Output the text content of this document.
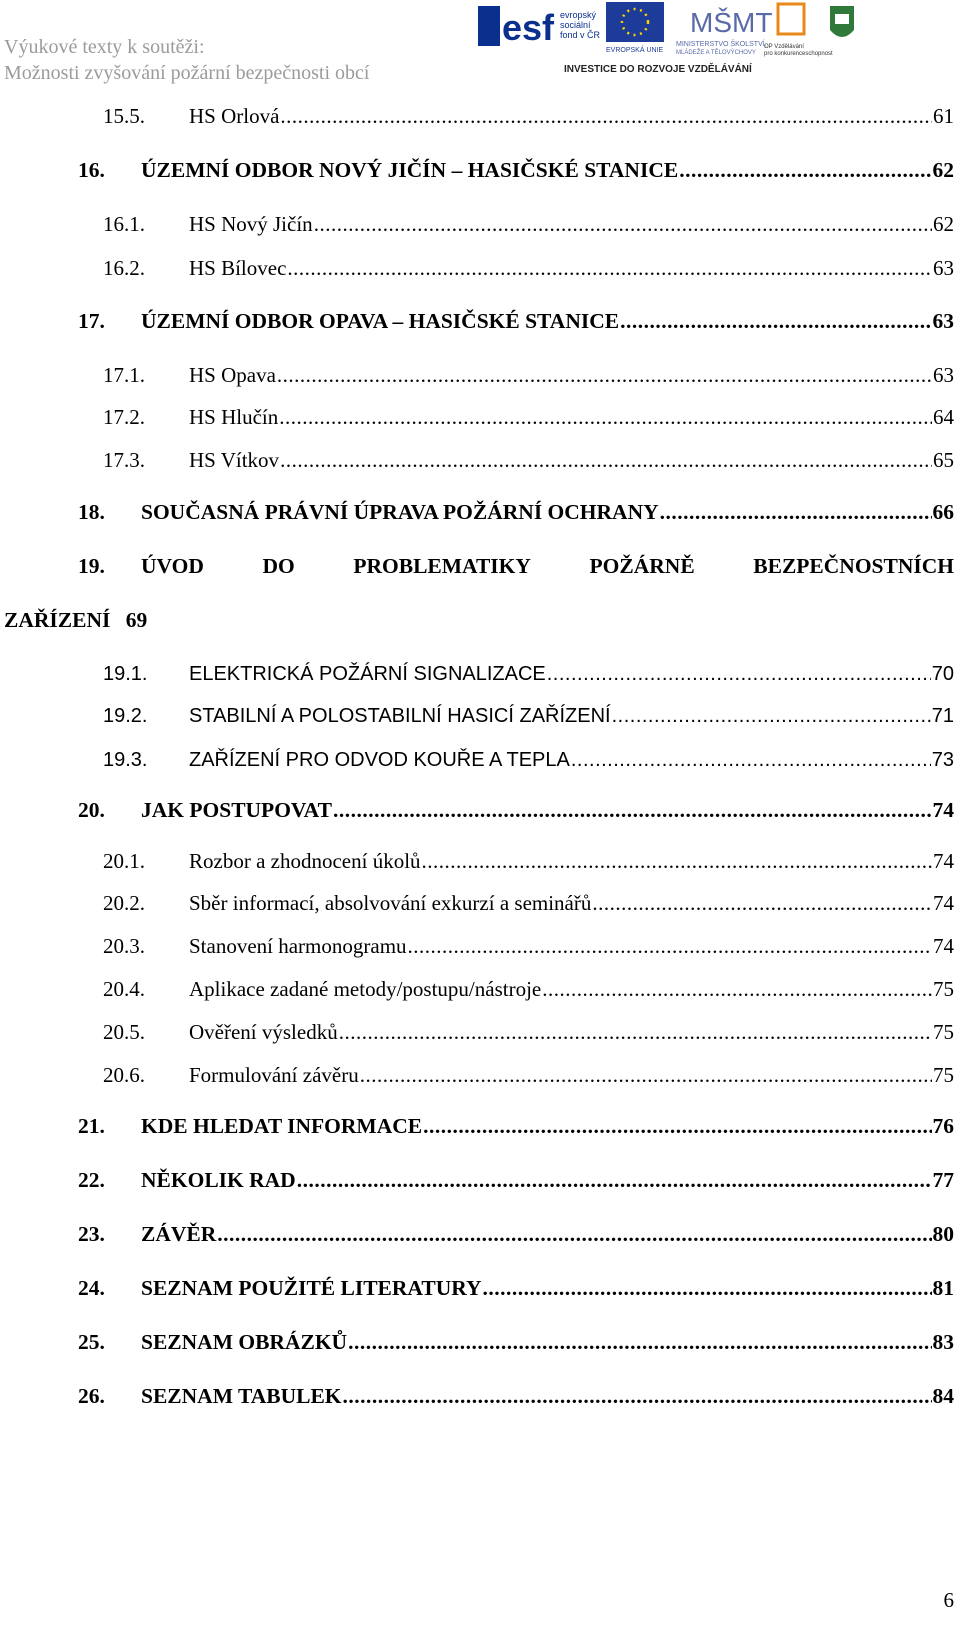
Výukové texty k soutěži:
Možnosti zvyšování požární bezpečnosti obcí
esf evropský
sociální
fond v ČR
EVROPSKÁ UNIE
MŠMT
MINISTERSTVO ŠKOLSTVÍ,
MLÁDEŽE A TĚLOVÝCHOVY
OP Vzdělávání
pro konkurenceschopnost
INVESTICE DO ROZVOJE VZDĚLÁVÁNÍ
15.5. HS Orlová .....	61
16. ÚZEMNÍ ODBOR NOVÝ JIČÍN – HASIČSKÉ STANICE .....	62
16.1. HS Nový Jičín .....	62
16.2. HS Bílovec .....	63
17. ÚZEMNÍ ODBOR OPAVA – HASIČSKÉ STANICE .....	63
17.1. HS Opava .....	63
17.2. HS Hlučín .....	64
17.3. HS Vítkov .....	65
18. SOUČASNÁ PRÁVNÍ ÚPRAVA POŽÁRNÍ OCHRANY .....	66
19. ÚVOD	DO	PROBLEMATIKY	POŽÁRNĚ	BEZPEČNOSTNÍCH
ZAŘÍZENÍ 69
19.1. ELEKTRICKÁ POŽÁRNÍ SIGNALIZACE .....	70
19.2. STABILNÍ A POLOSTABILNÍ HASICÍ ZAŘÍZENÍ .....	71
19.3. ZAŘÍZENÍ PRO ODVOD KOUŘE A TEPLA .....	73
20. JAK POSTUPOVAT .....	74
20.1. Rozbor a zhodnocení úkolů .....	74
20.2. Sběr informací, absolvování exkurzí a seminářů .....	74
20.3. Stanovení harmonogramu .....	74
20.4. Aplikace zadané metody/postupu/nástroje .....	75
20.5. Ověření výsledků .....	75
20.6. Formulování závěru .....	75
21. KDE HLEDAT INFORMACE .....	76
22. NĚKOLIK RAD .....	77
23. ZÁVĚR .....	80
24. SEZNAM POUŽITÉ LITERATURY .....	81
25. SEZNAM OBRÁZKŮ .....	83
26. SEZNAM TABULEK .....	84
6
